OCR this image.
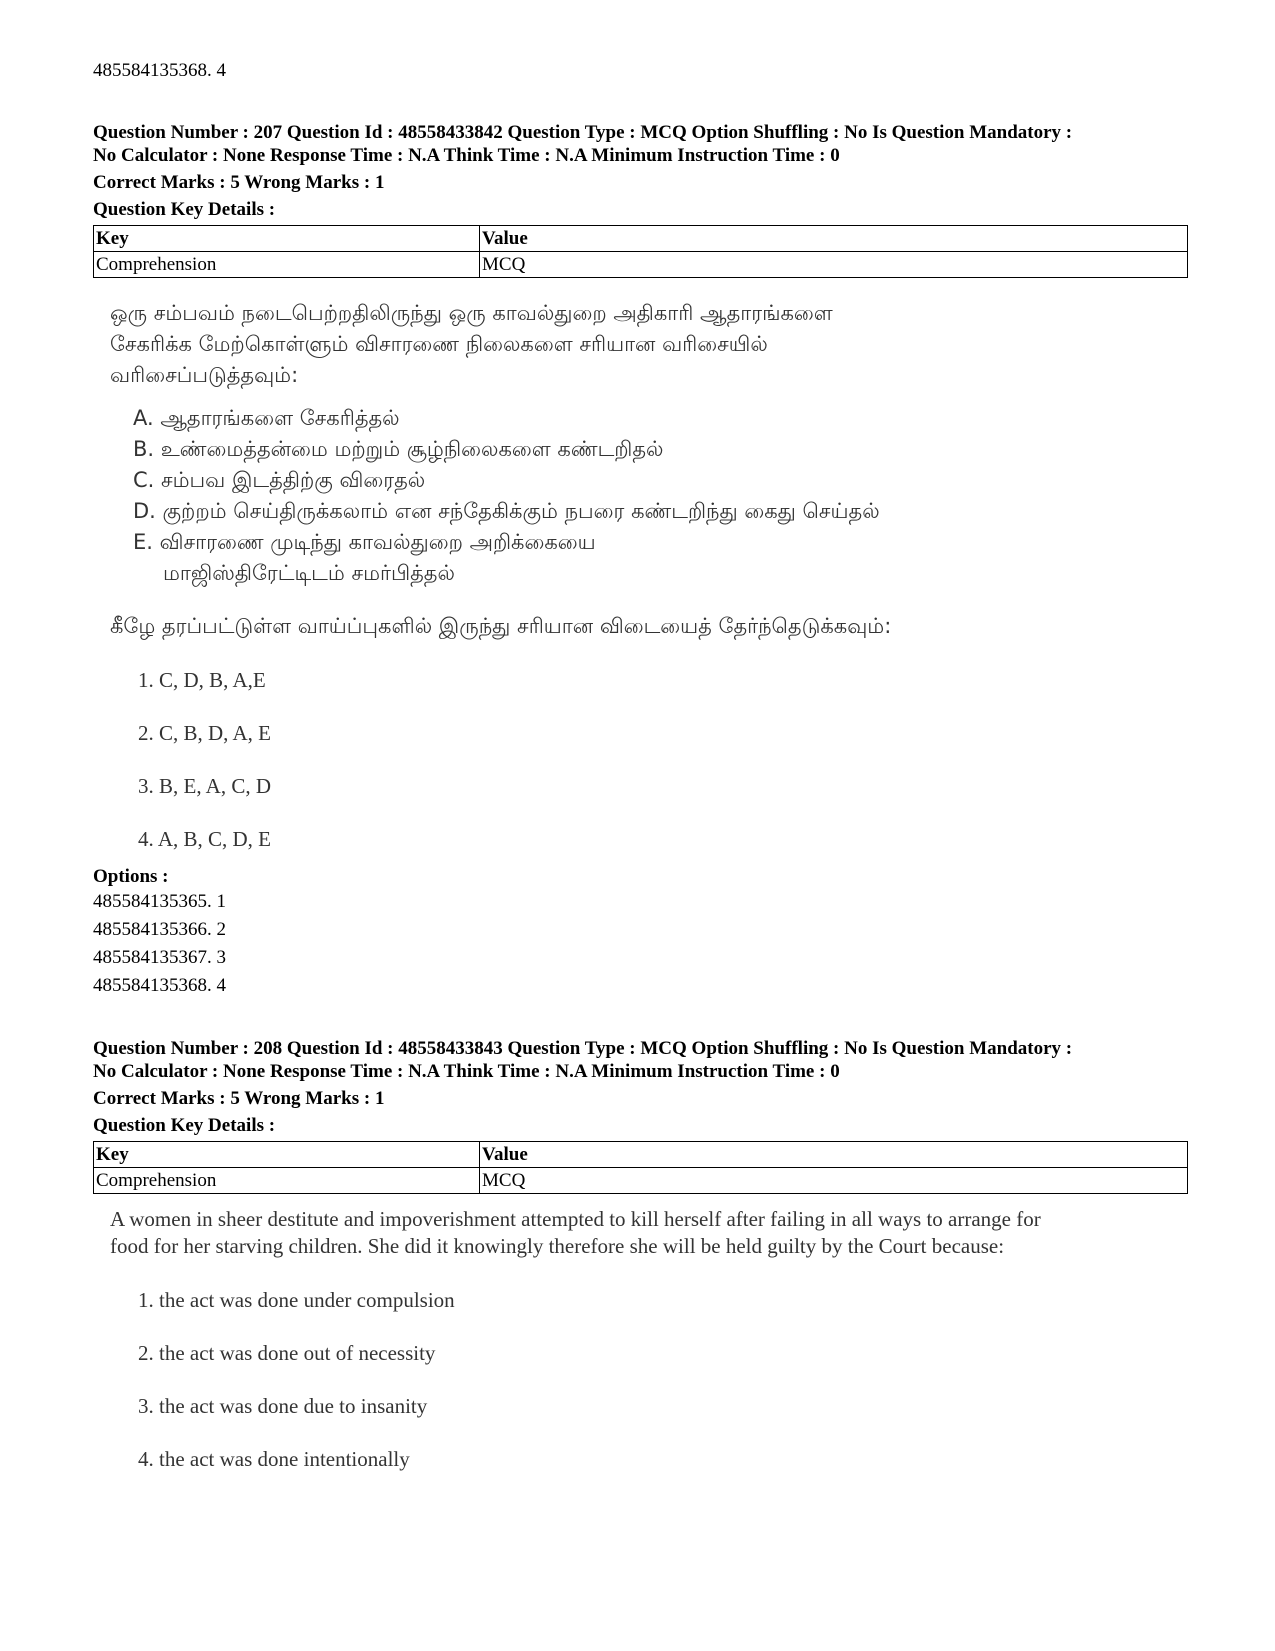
485584135368. 4
Question Number : 207 Question Id : 48558433842 Question Type : MCQ Option Shuffling : No Is Question Mandatory :
No Calculator : None Response Time : N.A Think Time : N.A Minimum Instruction Time : 0
Correct Marks : 5 Wrong Marks : 1
Question Key Details :
Key	Value
Comprehension	MCQ
ஒரு சம்பவம் நடைபெற்றதிலிருந்து ஒரு காவல்துறை அதிகாரி ஆதாரங்களை
சேகரிக்க மேற்கொள்ளும் விசாரணை நிலைகளை சரியான வரிசையில்
வரிசைப்படுத்தவும்:
A. ஆதாரங்களை சேகரித்தல்
B. உண்மைத்தன்மை மற்றும் சூழ்நிலைகளை கண்டறிதல்
C. சம்பவ இடத்திற்கு விரைதல்
D. குற்றம் செய்திருக்கலாம் என சந்தேகிக்கும் நபரை கண்டறிந்து கைது செய்தல்
E. விசாரணை முடிந்து காவல்துறை அறிக்கையை
மாஜிஸ்திரேட்டிடம் சமர்பித்தல்
கீழே தரப்பட்டுள்ள வாய்ப்புகளில் இருந்து சரியான விடையைத் தேர்ந்தெடுக்கவும்:
1. C, D, B, A,E
2. C, B, D, A, E
3. B, E, A, C, D
4. A, B, C, D, E
Options :
485584135365. 1
485584135366. 2
485584135367. 3
485584135368. 4
Question Number : 208 Question Id : 48558433843 Question Type : MCQ Option Shuffling : No Is Question Mandatory :
No Calculator : None Response Time : N.A Think Time : N.A Minimum Instruction Time : 0
Correct Marks : 5 Wrong Marks : 1
Question Key Details :
Key	Value
Comprehension	MCQ
A women in sheer destitute and impoverishment attempted to kill herself after failing in all ways to arrange for
food for her starving children. She did it knowingly therefore she will be held guilty by the Court because:
1. the act was done under compulsion
2. the act was done out of necessity
3. the act was done due to insanity
4. the act was done intentionally
